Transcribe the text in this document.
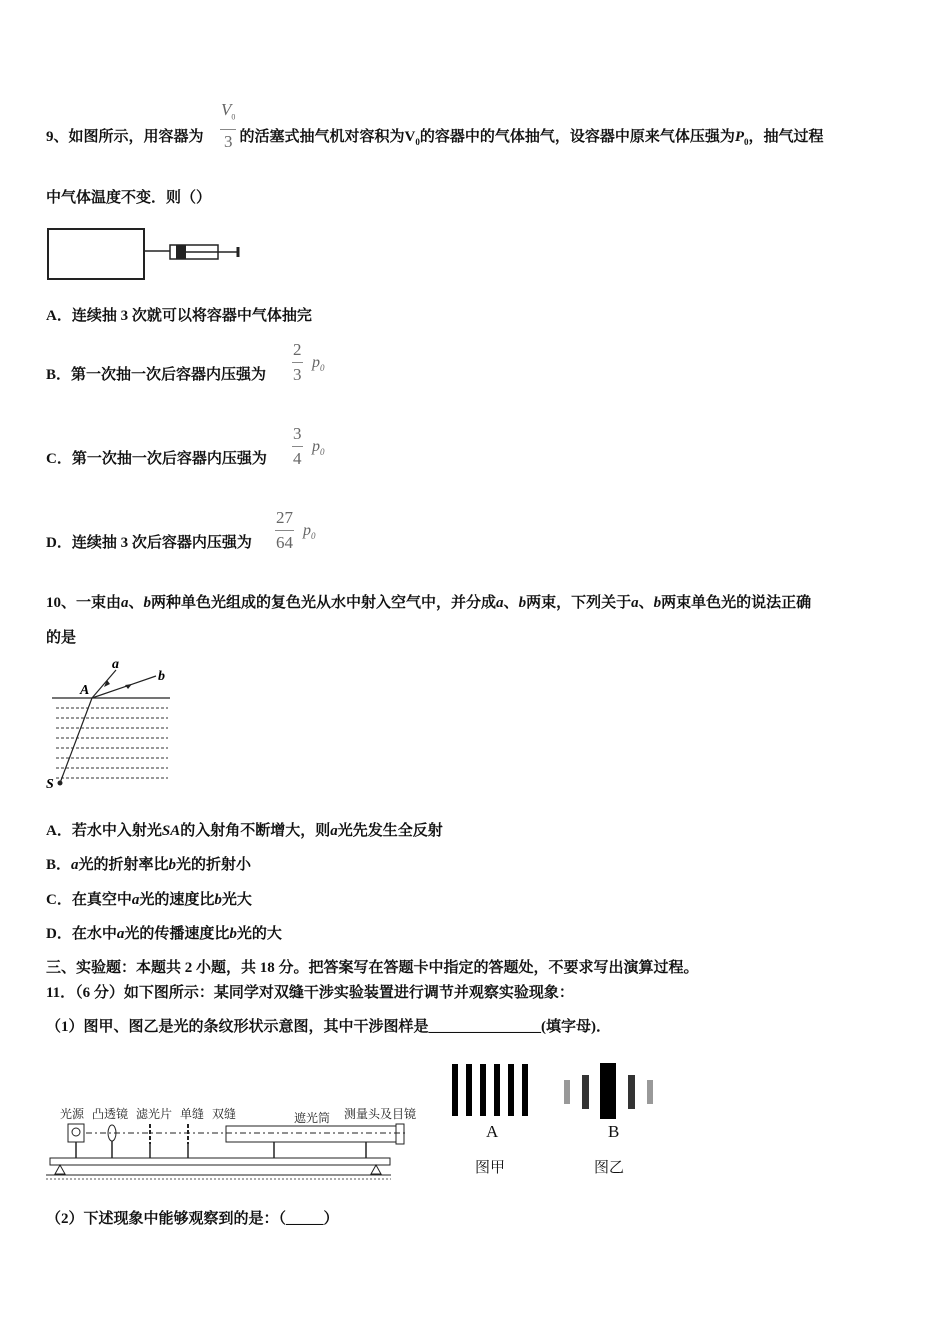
9、如图所示，用容器为 的活塞式抽气机对容积为$V_0$的容器中的气体抽气，设容器中原来气体压强为$P_0$，抽气过程
$\frac{V_0}{3}$
中气体温度不变．则（）
A．连续抽 3 次就可以将容器中气体抽完
B．第一次抽一次后容器内压强为 $\frac{2}{3} p_0$
C．第一次抽一次后容器内压强为 $\frac{3}{4} p_0$
D．连续抽 3 次后容器内压强为 $\frac{27}{64} p_0$
10、一束由a、b两种单色光组成的复色光从水中射入空气中，并分成a、b两束，下列关于a、b两束单色光的说法正确
的是
a
b
A
S
A．若水中入射光SA的入射角不断增大，则a光先发生全反射
B．a光的折射率比b光的折射小
C．在真空中a光的速度比b光大
D．在水中a光的传播速度比b光的大
三、实验题：本题共 2 小题，共 18 分。把答案写在答题卡中指定的答题处，不要求写出演算过程。
11．（6 分）如下图所示：某同学对双缝干涉实验装置进行调节并观察实验现象：
（1）图甲、图乙是光的条纹形状示意图，其中干涉图样是_______________(填字母)．
光源 凸透镜 滤光片 单缝 双缝	遮光筒 测量头及目镜
A	B
图甲	图乙
（2）下述现象中能够观察到的是：（_____）
